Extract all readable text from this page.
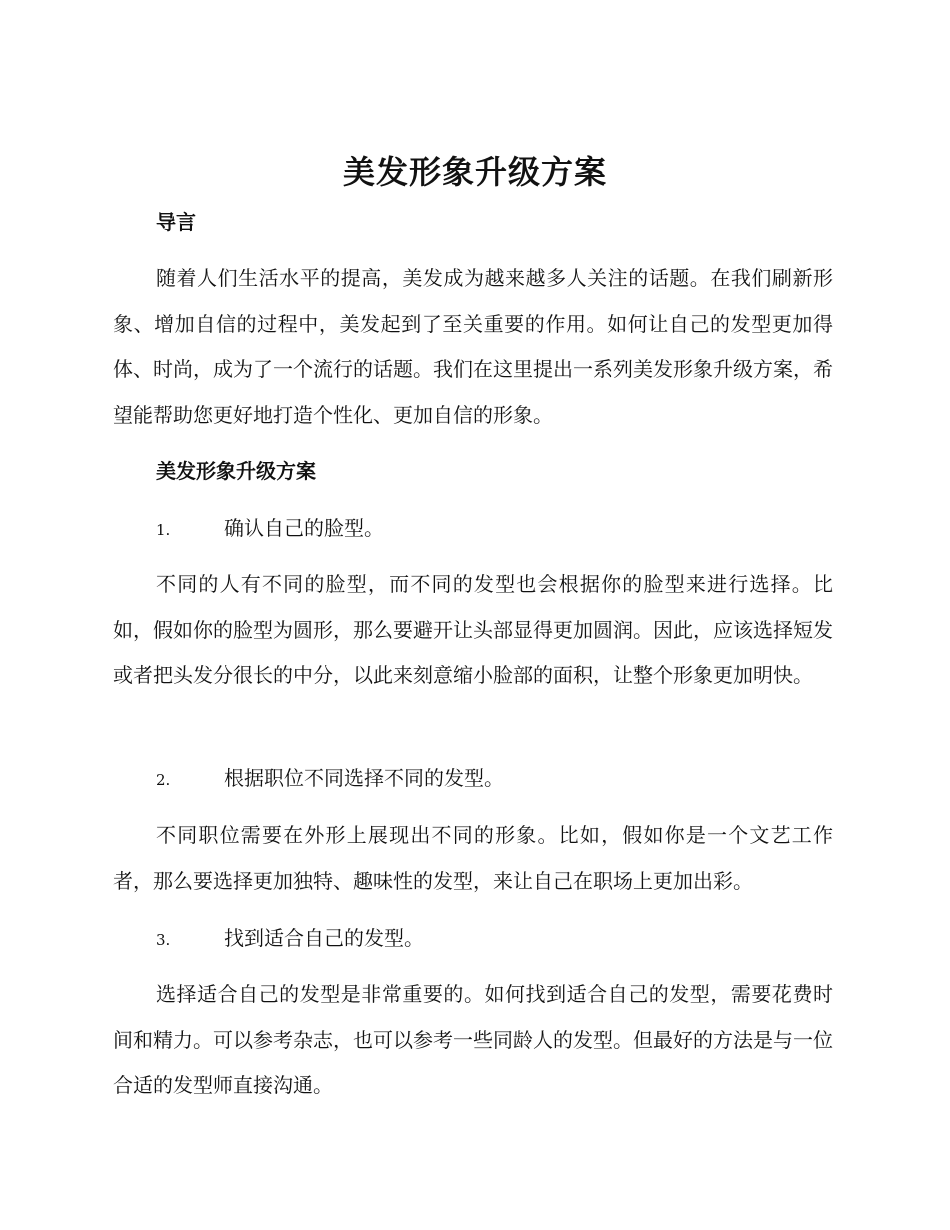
美发形象升级方案
导言

随着人们生活水平的提高，美发成为越来越多人关注的话题。在我们刷新形象、增加自信的过程中，美发起到了至关重要的作用。如何让自己的发型更加得体、时尚，成为了一个流行的话题。我们在这里提出一系列美发形象升级方案，希望能帮助您更好地打造个性化、更加自信的形象。

美发形象升级方案
1.	确认自己的脸型。

不同的人有不同的脸型，而不同的发型也会根据你的脸型来进行选择。比如，假如你的脸型为圆形，那么要避开让头部显得更加圆润。因此，应该选择短发或者把头发分很长的中分，以此来刻意缩小脸部的面积，让整个形象更加明快。

2.	根据职位不同选择不同的发型。

不同职位需要在外形上展现出不同的形象。比如，假如你是一个文艺工作者，那么要选择更加独特、趣味性的发型，来让自己在职场上更加出彩。

3.	找到适合自己的发型。

选择适合自己的发型是非常重要的。如何找到适合自己的发型，需要花费时间和精力。可以参考杂志，也可以参考一些同龄人的发型。但最好的方法是与一位合适的发型师直接沟通。
